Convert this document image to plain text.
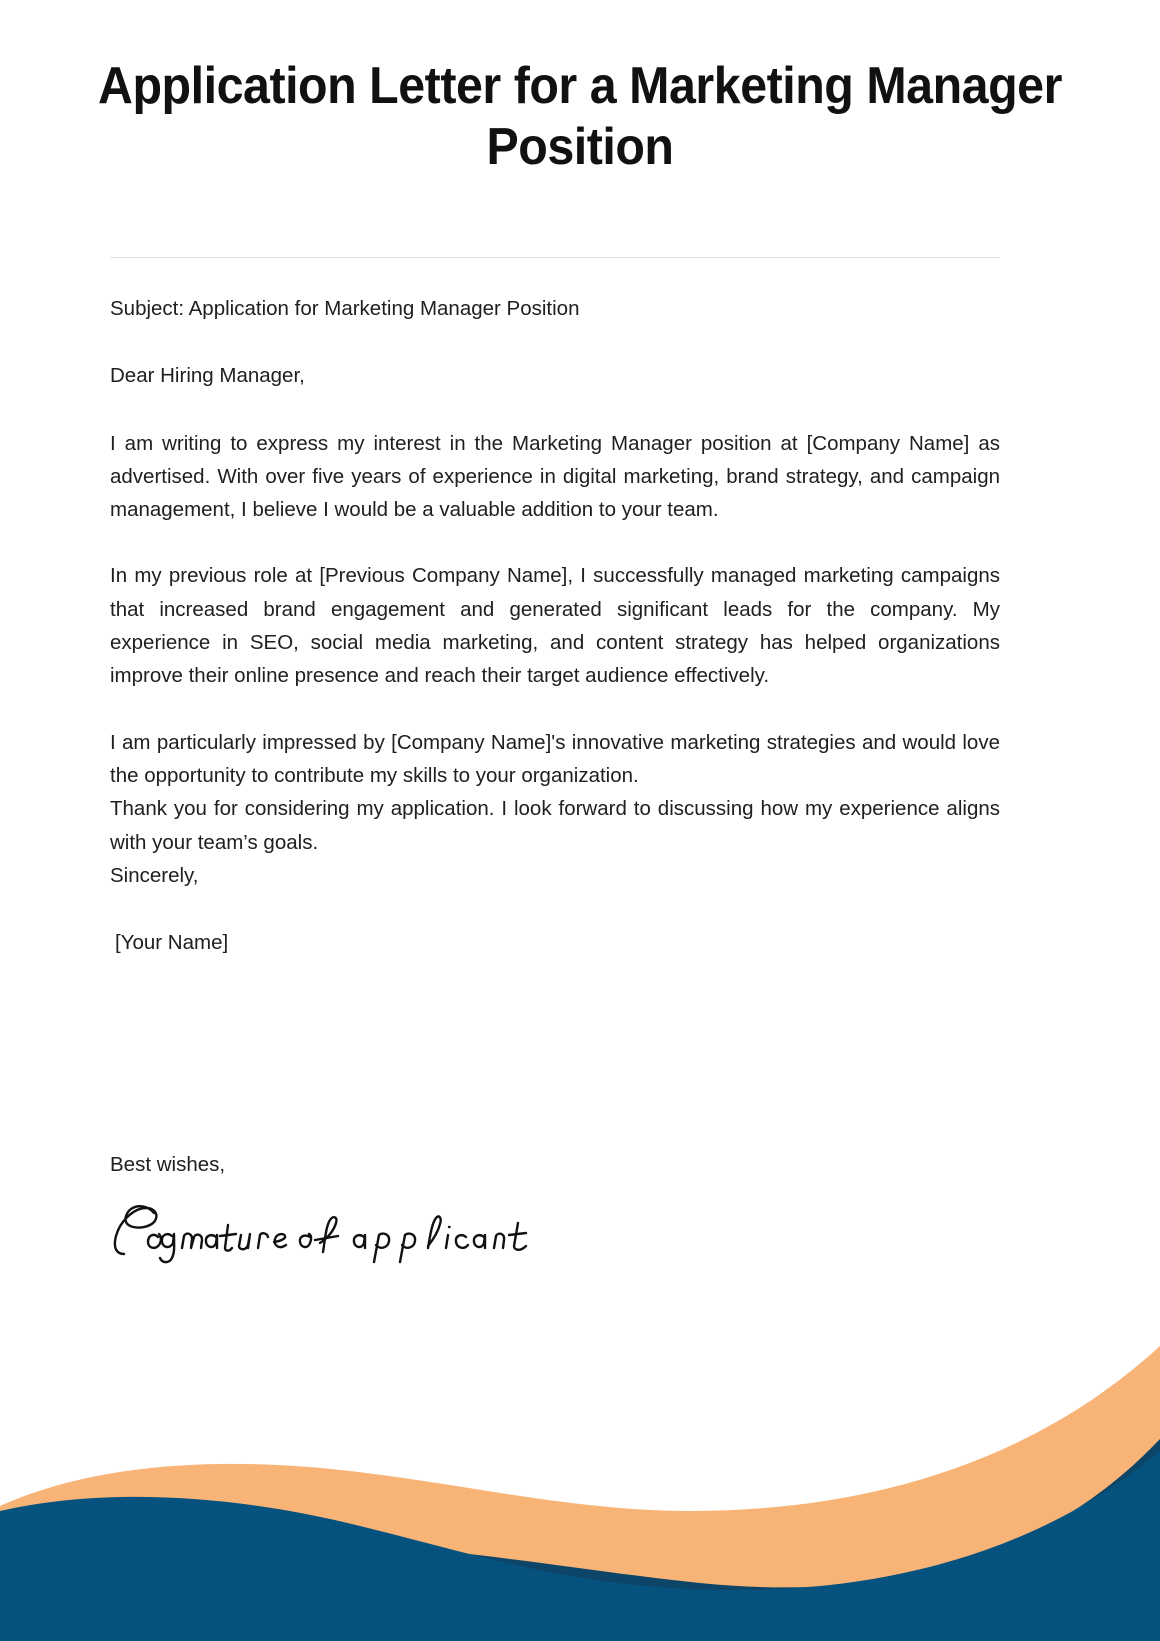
Application Letter for a Marketing Manager Position

Subject: Application for Marketing Manager Position

Dear Hiring Manager,

I am writing to express my interest in the Marketing Manager position at [Company Name] as advertised. With over five years of experience in digital marketing, brand strategy, and campaign management, I believe I would be a valuable addition to your team.

In my previous role at [Previous Company Name], I successfully managed marketing campaigns that increased brand engagement and generated significant leads for the company. My experience in SEO, social media marketing, and content strategy has helped organizations improve their online presence and reach their target audience effectively.

I am particularly impressed by [Company Name]'s innovative marketing strategies and would love the opportunity to contribute my skills to your organization.

Thank you for considering my application. I look forward to discussing how my experience aligns with your team’s goals.

Sincerely,

[Your Name]

Best wishes,
